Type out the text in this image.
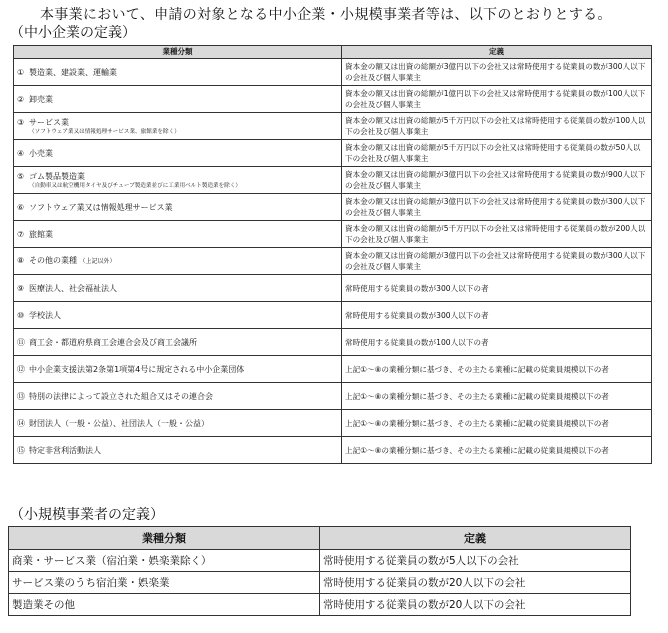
本事業において、申請の対象となる中小企業・小規模事業者等は、以下のとおりとする。
（中小企業の定義）
業種分類	定義
① 製造業、建設業、運輸業	資本金の額又は出資の総額が3億円以下の会社又は常時使用する従業員の数が300人以下の会社及び個人事業主
② 卸売業	資本金の額又は出資の総額が1億円以下の会社又は常時使用する従業員の数が100人以下の会社及び個人事業主
③ サービス業
（ソフトウェア業又は情報処理サービス業、旅館業を除く）	資本金の額又は出資の総額が5千万円以下の会社又は常時使用する従業員の数が100人以下の会社及び個人事業主
④ 小売業	資本金の額又は出資の総額が5千万円以下の会社又は常時使用する従業員の数が50人以下の会社及び個人事業主
⑤ ゴム製品製造業
（自動車又は航空機用タイヤ及びチューブ製造業並びに工業用ベルト製造業を除く）	資本金の額又は出資の総額が3億円以下の会社又は常時使用する従業員の数が900人以下の会社及び個人事業主
⑥ ソフトウェア業又は情報処理サービス業	資本金の額又は出資の総額が3億円以下の会社又は常時使用する従業員の数が300人以下の会社及び個人事業主
⑦ 旅館業	資本金の額又は出資の総額が5千万円以下の会社又は常時使用する従業員の数が200人以下の会社及び個人事業主
⑧ その他の業種 （上記以外）	資本金の額又は出資の総額が3億円以下の会社又は常時使用する従業員の数が300人以下の会社及び個人事業主
⑨ 医療法人、社会福祉法人	常時使用する従業員の数が300人以下の者
⑩ 学校法人	常時使用する従業員の数が300人以下の者
⑪ 商工会・都道府県商工会連合会及び商工会議所	常時使用する従業員の数が100人以下の者
⑫ 中小企業支援法第2条第1項第4号に規定される中小企業団体	上記①～⑧の業種分類に基づき、その主たる業種に記載の従業員規模以下の者
⑬ 特別の法律によって設立された組合又はその連合会	上記①～⑧の業種分類に基づき、その主たる業種に記載の従業員規模以下の者
⑭ 財団法人（一般・公益）、社団法人（一般・公益）	上記①～⑧の業種分類に基づき、その主たる業種に記載の従業員規模以下の者
⑮ 特定非営利活動法人	上記①～⑧の業種分類に基づき、その主たる業種に記載の従業員規模以下の者
（小規模事業者の定義）
業種分類	定義
商業・サービス業（宿泊業・娯楽業除く）	常時使用する従業員の数が5人以下の会社
サービス業のうち宿泊業・娯楽業	常時使用する従業員の数が20人以下の会社
製造業その他	常時使用する従業員の数が20人以下の会社
